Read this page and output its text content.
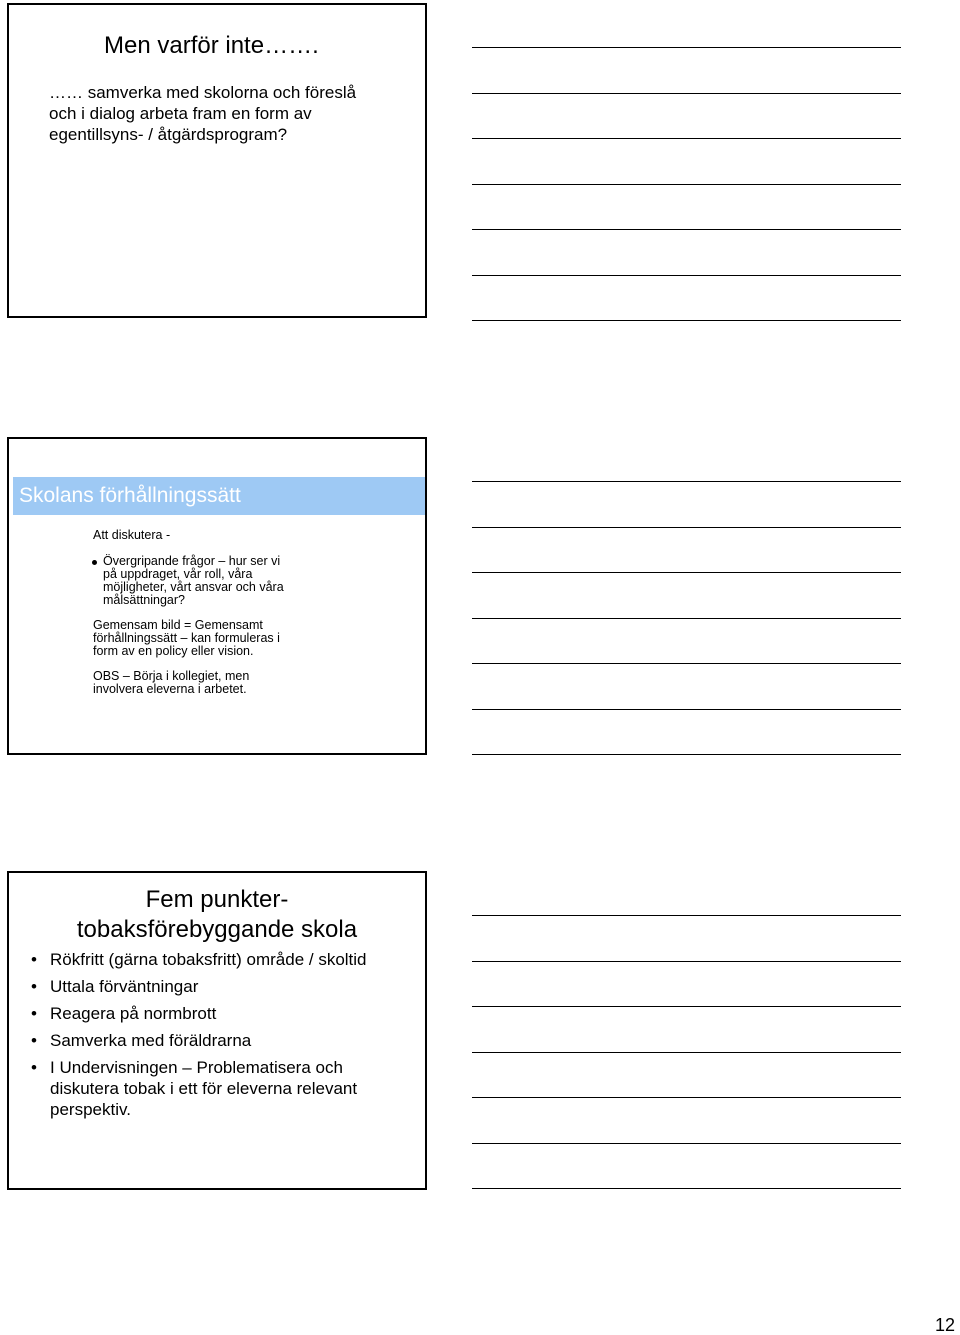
Men varför inte…….
…… samverka med skolorna och föreslå
och i dialog arbeta fram en form av
egentillsyns- / åtgärdsprogram?
Skolans förhållningssätt
Att diskutera -
Övergripande frågor – hur ser vi
på uppdraget, vår roll, våra
möjligheter, vårt ansvar och våra
målsättningar?
Gemensam bild = Gemensamt
förhållningssätt – kan formuleras i
form av en policy eller vision.
OBS – Börja i kollegiet, men
involvera eleverna i arbetet.
Fem punkter-
tobaksförebyggande skola
• Rökfritt (gärna tobaksfritt) område / skoltid
• Uttala förväntningar
• Reagera på normbrott
• Samverka med föräldrarna
• I Undervisningen – Problematisera och
diskutera tobak i ett för eleverna relevant
perspektiv.
12
